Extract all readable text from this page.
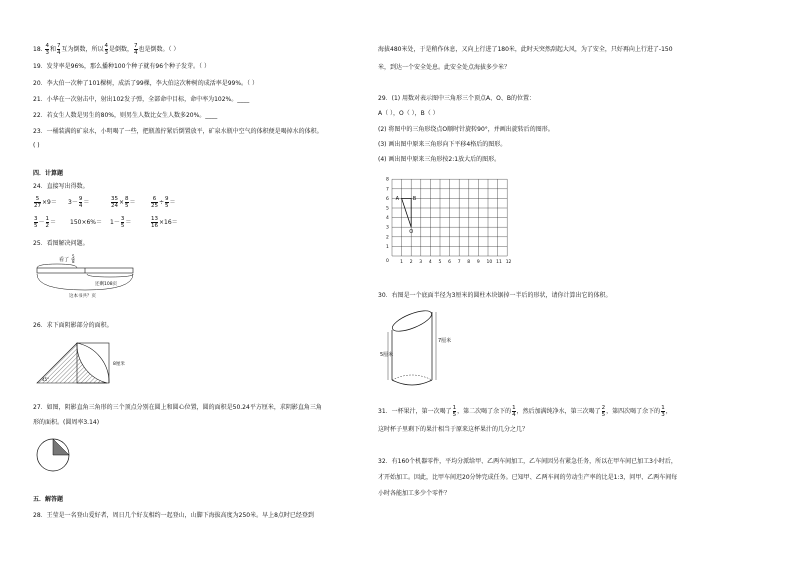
18. $\frac{4}{3}$ 和 $\frac{7}{4}$ 互为倒数，所以 $\frac{4}{3}$ 是倒数， $\frac{7}{4}$ 也是倒数。（ ）
19．发芽率是96%，那么播种100个种子就有96个种子发芽。（ ）
20．李大伯一次种了101棵树，成活了99棵，李大伯这次种树的成活率是99%。（ ）
21．小华在一次射击中，射出102发子弹，全部命中目标，命中率为102%。____
22．若女生人数是男生的80%，则男生人数比女生人数多20%。____
23．一桶装满的矿泉水，小明喝了一些，把瓶盖拧紧后倒置放平，矿泉水瓶中空气的体积便是喝掉水的体积。
( )
四．计算题
24．直接写出得数。
$\frac{5}{27} \times 9= 3- \frac{9}{4}$ ＝	$\frac{35}{24} \times \frac{8}{5}$ ＝	$\frac{6}{25} \div \frac{9}{5}$ ＝
$\frac{3}{5} - \frac{1}{2} = 150\times 6\%= 1- \frac{3}{5}$ ＝	$\frac{13}{16} \times 16=$
25．看图解决问题。
看了
5
8
还剩108页
这本书共？页
26．求下面阴影部分的面积。
8厘米
45°
27．如图，阴影直角三角形的三个顶点分别在圆上和圆心位置，圆的面积是50.24平方厘米，求阴影直角三角
形的面积。(圆周率3.14)
五．解答题
28．王莹是一名登山爱好者，周日几个好友相约一起登山，山脚下海拔高度为250米。早上8点时已经登到
海拔480米处，于是稍作休息，又向上行进了180米，此时天突然刮起大风，为了安全，只好再向上行进了-150
米，到达一个安全处息。此安全处点海拔多少米？
29．(1) 用数对表示图中三角形三个顶点A、O、B的位置：
A（ ），O（ ），B（ ）
(2) 将图中的三角形绕点O顺时针旋转90°，并画出旋转后的图形。
(3) 画出图中原来三角形向下平移4格后的图形。
(4) 画出图中原来三角形按2:1放大后的图形。
1 2 3 4 5 6 7 8 9 10 11 12
1
2
3
4
5
6
7
8
0
A	B
O
30．右图是一个底面半径为3厘米的圆柱木块锯掉一半后的形状，请你计算出它的体积。
5厘米
7厘米
31．一杯果汁，第一次喝了 $\frac{1}{5}$ ，第二次喝了余下的 $\frac{1}{4}$ ，然后加满纯净水，第三次喝了 $\frac{2}{5}$ ，第四次喝了余下的 $\frac{1}{3}$ ，
这时杯子里剩下的果汁相当于原来这杯果汁的几分之几？
32．有160个机器零件，平均分派给甲、乙两车间加工，乙车间因另有紧急任务，所以在甲车间已加工3小时后，
才开始加工。因此，比甲车间迟20分钟完成任务。已知甲、乙两车间的劳动生产率的比是1:3，问甲、乙两车间每
小时各能加工多少个零件？
